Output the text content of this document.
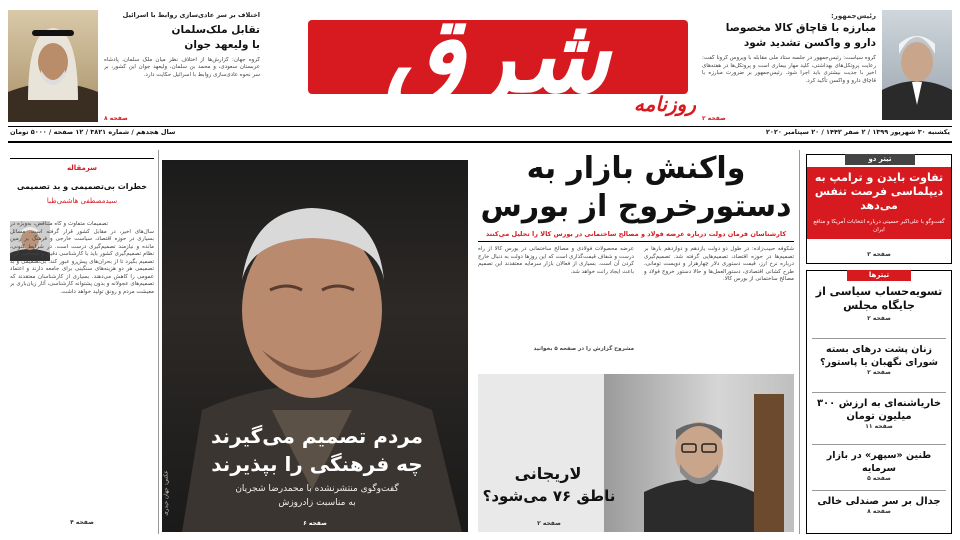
رئیس‌جمهور:
مبارزه با قاچاق کالا مخصوصا
دارو و واکسن تشدید شود
گروه سیاست: رئیس‌جمهور در جلسه ستاد ملی مقابله با ویروس کرونا گفت: رعایت پروتکل‌های بهداشتی، کلید مهار بیماری است و پروتکل‌ها در هفته‌های اخیر با جدیت بیشتری باید اجرا شود. رئیس‌جمهور بر ضرورت مبارزه با قاچاق دارو و واکسن تأکید کرد.
صفحه ۲
شرق	روزنامه
اختلاف بر سر عادی‌سازی روابط با اسرائیل
تقابل ملک‌سلمان
با ولیعهد جوان
گروه جهان: گزارش‌ها از اختلاف نظر میان ملک سلمان، پادشاه عربستان سعودی، و محمد بن سلمان، ولیعهد جوان این کشور، بر سر نحوه عادی‌سازی روابط با اسرائیل حکایت دارد.
صفحه ۸
یکشنبه ۳۰ شهریور ۱۳۹۹ / ۲ صفر ۱۴۴۲ / ۲۰ سپتامبر ۲۰۲۰
سال هجدهم / شماره ۳۸۲۱ / ۱۲ صفحه / ۵۰۰۰ تومان
تیتر دو
تفاوت بایدن و ترامپ به دیپلماسی فرصت تنفس می‌دهد
گفت‌وگو با علی‌اکبر حسینی درباره انتخابات آمریکا و منافع ایران
صفحه ۳
تیترها
تسویه‌حساب سیاسی از جایگاه مجلس
صفحه ۲
زنان پشت درهای بسته شورای نگهبان یا پاستور؟
صفحه ۲
خاریاشنه‌ای به ارزش ۳۰۰ میلیون تومان
صفحه ۱۱
طنین «سپهر» در بازار سرمایه
صفحه ۵
جدال بر سر صندلی خالی
صفحه ۸
واکنش بازار به
دستورخروج از بورس
کارشناسان فرمان دولت درباره عرضه فولاد و مصالح ساختمانی در بورس کالا را تحلیل می‌کنند
شکوفه حبیب‌زاده: در طول دو دولت یازدهم و دوازدهم بارها بر تصمیم‌ها در حوزه اقتصاد، تصمیم‌هایی گرفته شد. تصمیم‌گیری درباره نرخ ارز، قیمت دستوری دلار چهارهزار و دویست تومانی، طرح کشانی اقتصادی، دستورالعمل‌ها و حالا دستور خروج فولاد و مصالح ساختمانی از بورس کالا.
عرضه محصولات فولادی و مصالح ساختمانی در بورس کالا از راه درست و شفاف قیمت‌گذاری است که این روزها دولت به دنبال خارج کردن آن است. بسیاری از فعالان بازار سرمایه معتقدند این تصمیم باعث ایجاد رانت خواهد شد.
مشروح گزارش را در صفحه ۵ بخوانید
لاریجانی
ناطق ۷۶ می‌شود؟
صفحه ۲
مردم تصمیم می‌گیرند
چه فرهنگی را بپذیرند
گفت‌وگوی منتشرنشده با محمدرضا شجریان
به مناسبت زادروزش
عکس: جهان حیدری
صفحه ۶
سرمقاله
خطرات بی‌تصمیمی و بد تصمیمی
سیدمصطفی هاشمی‌طبا
تصمیمات متفاوت و گاه متناقض، به‌ویژه در سال‌های اخیر، در مقابل کشور قرار گرفته است. مسائل بسیاری در حوزه اقتصاد، سیاست خارجی و فرهنگ بر زمین مانده و نیازمند تصمیم‌گیری درست است. در شرایط کنونی، نظام تصمیم‌گیری کشور باید با کارشناسی دقیق و شجاعت لازم تصمیم بگیرد تا از بحران‌های پیش‌رو عبور کند. بی‌تصمیمی و بد تصمیمی هر دو هزینه‌های سنگینی برای جامعه دارند و اعتماد عمومی را کاهش می‌دهند. بسیاری از کارشناسان معتقدند که تصمیم‌های عجولانه و بدون پشتوانه کارشناسی، آثار زیان‌باری بر معیشت مردم و رونق تولید خواهد داشت.
صفحه ۴
